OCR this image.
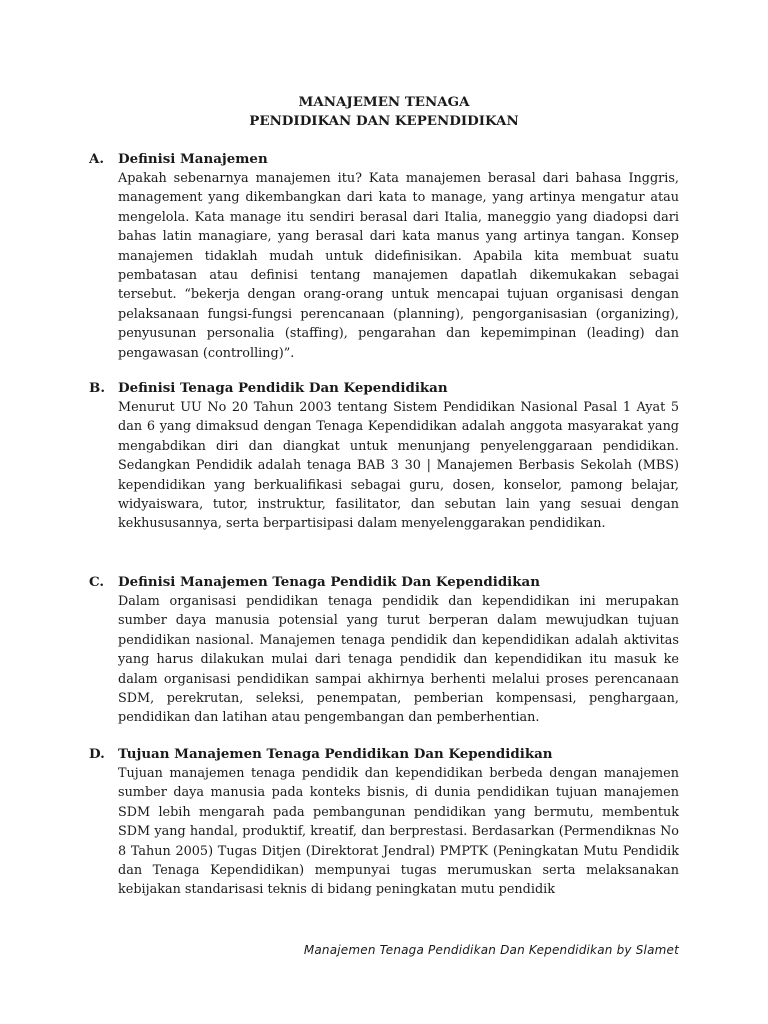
MANAJEMEN TENAGA
PENDIDIKAN DAN KEPENDIDIKAN
A. Definisi Manajemen

Apakah sebenarnya manajemen itu? Kata manajemen berasal dari bahasa Inggris, management yang dikembangkan dari kata to manage, yang artinya mengatur atau mengelola. Kata manage itu sendiri berasal dari Italia, maneggio yang diadopsi dari bahas latin managiare, yang berasal dari kata manus yang artinya tangan. Konsep manajemen tidaklah mudah untuk didefinisikan. Apabila kita membuat suatu pembatasan atau definisi tentang manajemen dapatlah dikemukakan sebagai tersebut. “bekerja dengan orang-orang untuk mencapai tujuan organisasi dengan pelaksanaan fungsi-fungsi perencanaan (planning), pengorganisasian (organizing), penyusunan personalia (staffing), pengarahan dan kepemimpinan (leading) dan pengawasan (controlling)”.

B. Definisi Tenaga Pendidik Dan Kependidikan

Menurut UU No 20 Tahun 2003 tentang Sistem Pendidikan Nasional Pasal 1 Ayat 5 dan 6 yang dimaksud dengan Tenaga Kependidikan adalah anggota masyarakat yang mengabdikan diri dan diangkat untuk menunjang penyelenggaraan pendidikan. Sedangkan Pendidik adalah tenaga BAB 3 30 | Manajemen Berbasis Sekolah (MBS) kependidikan yang berkualifikasi sebagai guru, dosen, konselor, pamong belajar, widyaiswara, tutor, instruktur, fasilitator, dan sebutan lain yang sesuai dengan kekhususannya, serta berpartisipasi dalam menyelenggarakan pendidikan.

C. Definisi Manajemen Tenaga Pendidik Dan Kependidikan

Dalam organisasi pendidikan tenaga pendidik dan kependidikan ini merupakan sumber daya manusia potensial yang turut berperan dalam mewujudkan tujuan pendidikan nasional. Manajemen tenaga pendidik dan kependidikan adalah aktivitas yang harus dilakukan mulai dari tenaga pendidik dan kependidikan itu masuk ke dalam organisasi pendidikan sampai akhirnya berhenti melalui proses perencanaan SDM, perekrutan, seleksi, penempatan, pemberian kompensasi, penghargaan, pendidikan dan latihan atau pengembangan dan pemberhentian.

D. Tujuan Manajemen Tenaga Pendidikan Dan Kependidikan

Tujuan manajemen tenaga pendidik dan kependidikan berbeda dengan manajemen sumber daya manusia pada konteks bisnis, di dunia pendidikan tujuan manajemen SDM lebih mengarah pada pembangunan pendidikan yang bermutu, membentuk SDM yang handal, produktif, kreatif, dan berprestasi. Berdasarkan (Permendiknas No 8 Tahun 2005) Tugas Ditjen (Direktorat Jendral) PMPTK (Peningkatan Mutu Pendidik dan Tenaga Kependidikan) mempunyai tugas merumuskan serta melaksanakan kebijakan standarisasi teknis di bidang peningkatan mutu pendidik

Manajemen Tenaga Pendidikan Dan Kependidikan by Slamet
